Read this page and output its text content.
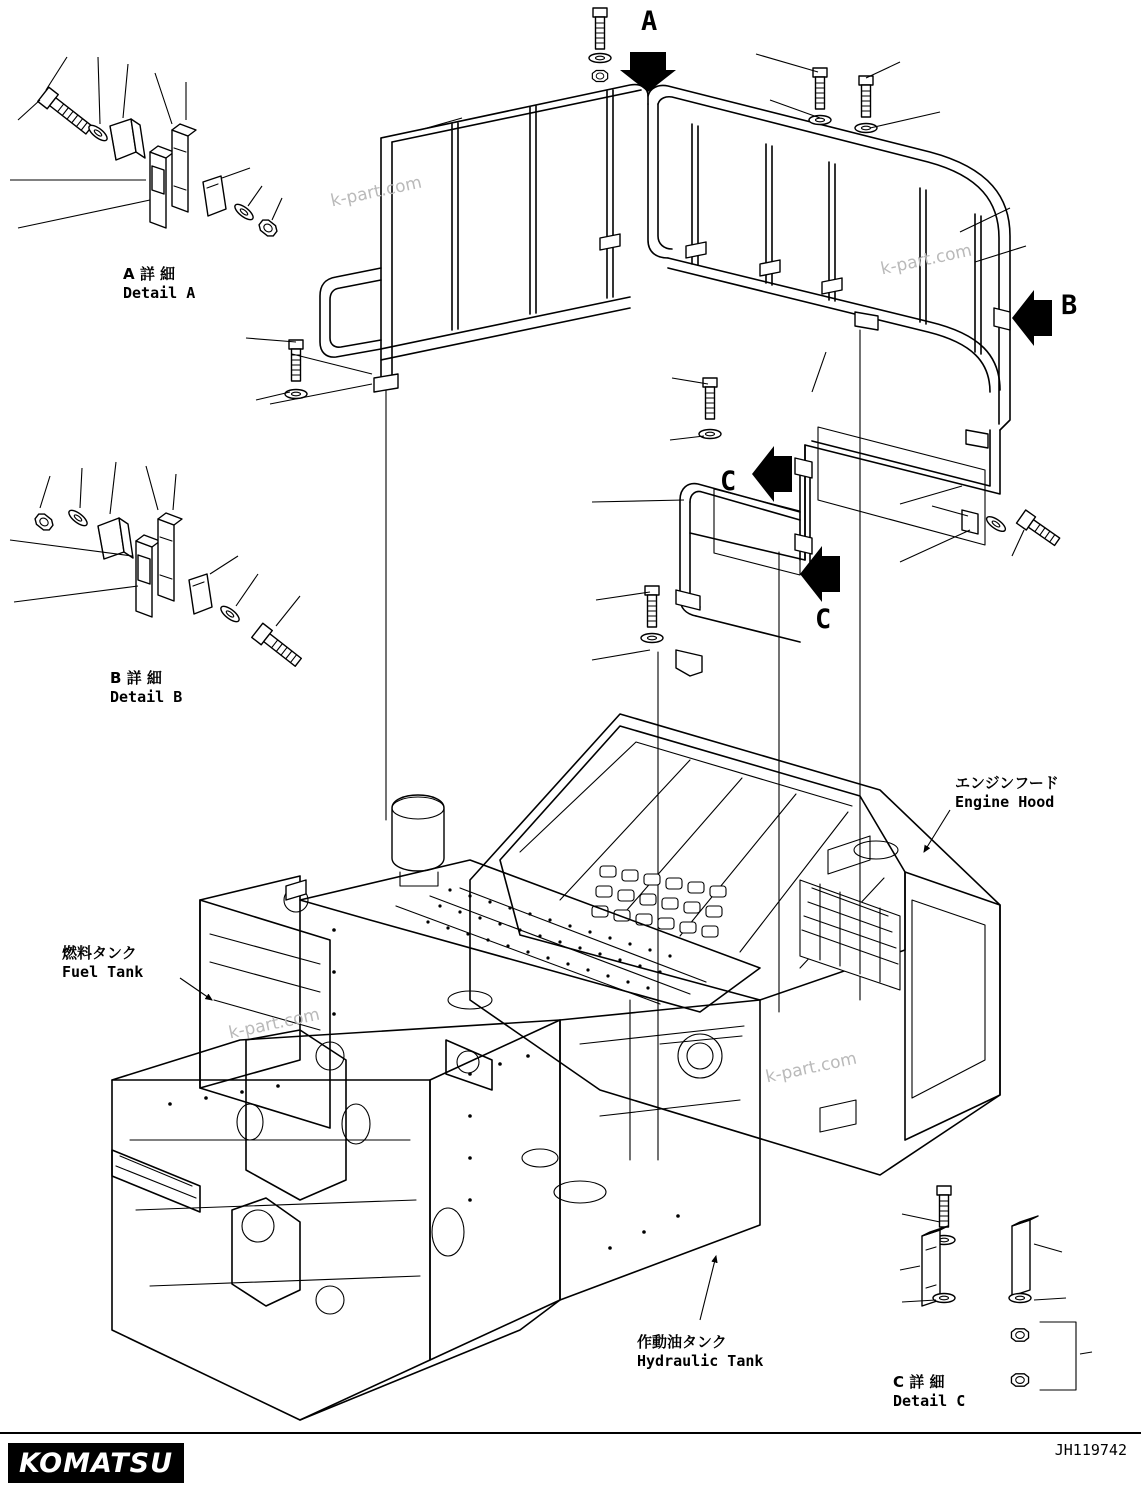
k-part.com
k-part.com
k-part.com
k-part.com
A
B
C
C
A 詳 細
Detail A
B 詳 細
Detail B
C 詳 細
Detail C
エンジンフード
Engine Hood
燃料タンク
Fuel Tank
作動油タンク
Hydraulic Tank
KOMATSU	JH119742
